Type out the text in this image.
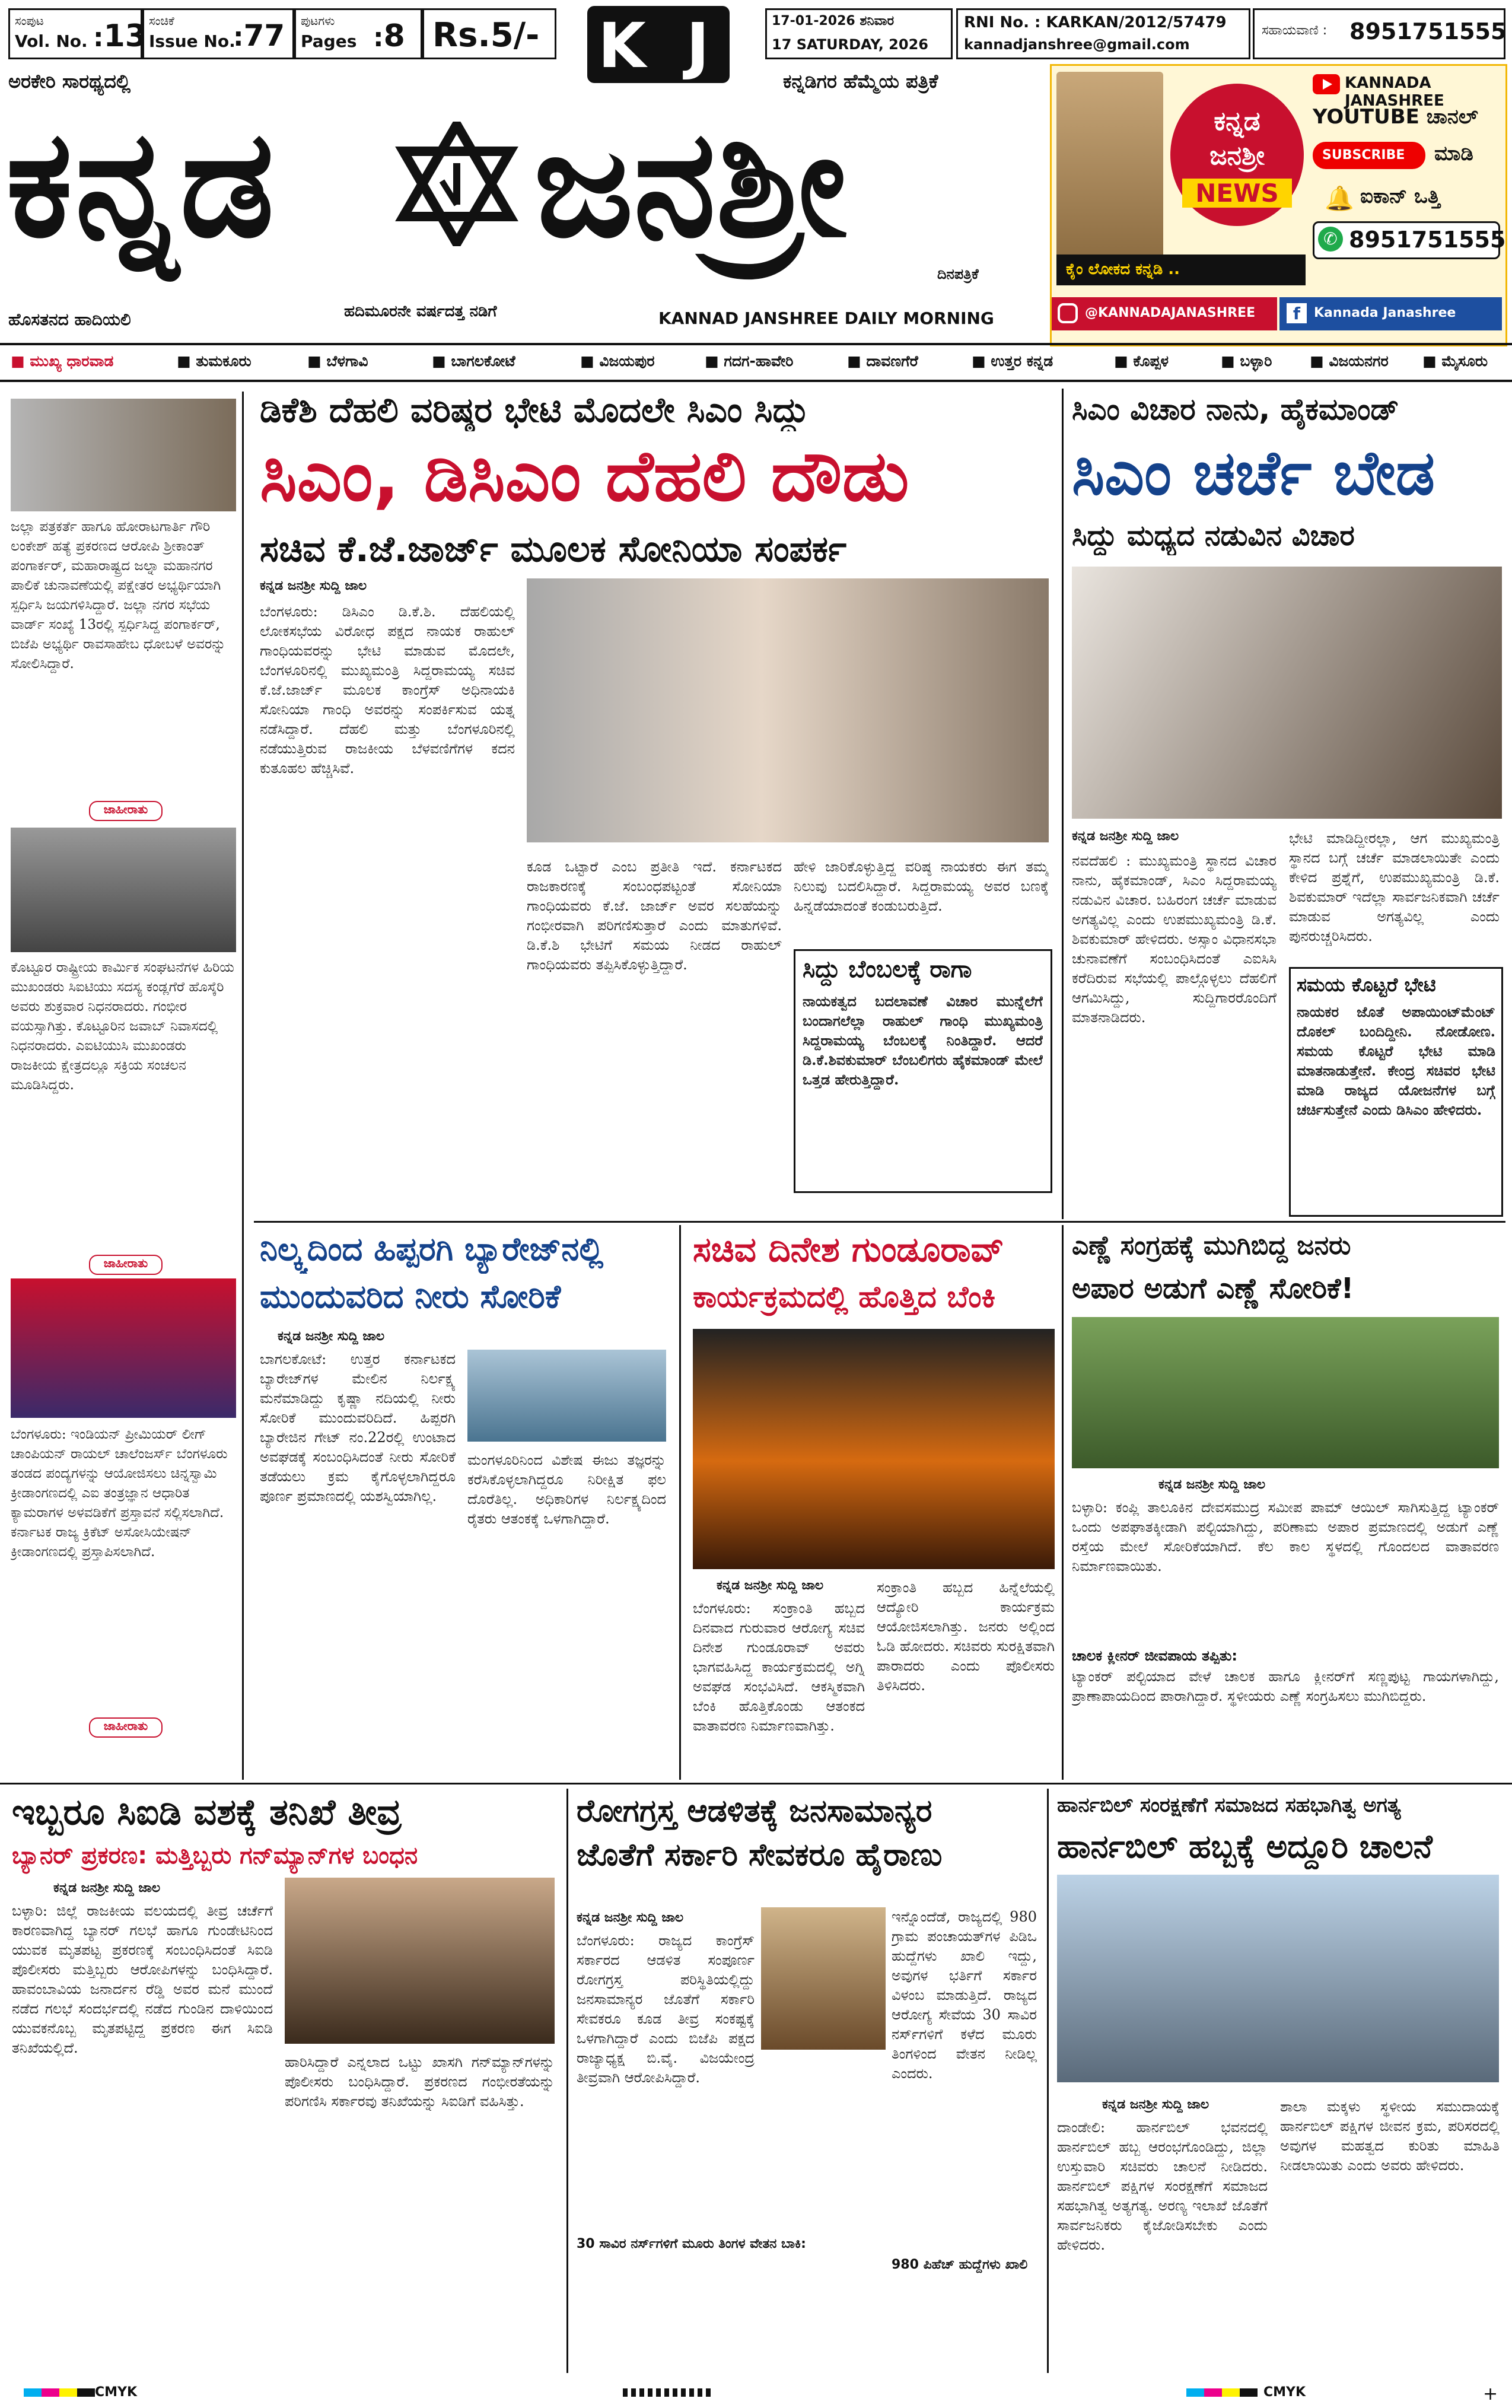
ಸಂಪುಟ
Vol. No. :13 ಸಂಚಿಕೆ
Issue No.
:77 ಪುಟಗಳು
Pages :8 Rs.5/- K J	17-01-2026 ಶನಿವಾರ
17 SATURDAY, 2026
RNI No. : KARKAN/2012/57479
kannadjanshree@gmail.com
ಸಹಾಯವಾಣಿ : 8951751555
ಅರಕೇರಿ ಸಾರಥ್ಯದಲ್ಲಿ	ಕನ್ನಡಿಗರ ಹೆಮ್ಮೆಯ ಪತ್ರಿಕೆ
ಕನ್ನಡ ಜನಶ್ರೀ
ದಿನಪತ್ರಿಕೆ
ಹೊಸತನದ ಹಾದಿಯಲಿ	ಹದಿಮೂರನೇ ವರ್ಷದತ್ತ ನಡಿಗೆ	KANNAD JANSHREE DAILY MORNING
ಕನ್ನಡ
ಜನಶ್ರೀ
NEWS
KANNADA JANASHREE
YOUTUBE ಚಾನಲ್
SUBSCRIBE ಮಾಡಿ
🔔 ಐಕಾನ್ ಒತ್ತಿ
✆ 8951751555
ಕೈಂ ಲೋಕದ ಕನ್ನಡಿ ..
@KANNADAJANASHREE	f	Kannada Janashree
■ ಮುಖ್ಯ ಧಾರವಾಡ	■ ತುಮಕೂರು	■ ಬೆಳಗಾವಿ	■ ಬಾಗಲಕೋಟೆ	■ ವಿಜಯಪುರ	■ ಗದಗ-ಹಾವೇರಿ	■ ದಾವಣಗೆರೆ	■ ಉತ್ತರ ಕನ್ನಡ	■ ಕೊಪ್ಪಳ	■ ಬಳ್ಳಾರಿ	■ ವಿಜಯನಗರ ■ ಮೈಸೂರು
ಜಲ್ಲಾ ಪತ್ರಕರ್ತೆ ಹಾಗೂ ಹೋರಾಟಗಾರ್ತಿ ಗೌರಿ ಲಂಕೇಶ್ ಹತ್ಯೆ ಪ್ರಕರಣದ ಆರೋಪಿ ಶ್ರೀಕಾಂತ್ ಪಂಗಾರ್ಕರ್, ಮಹಾರಾಷ್ಟ್ರದ ಜಲ್ನಾ ಮಹಾನಗರ ಪಾಲಿಕೆ ಚುನಾವಣೆಯಲ್ಲಿ ಪಕ್ಷೇತರ ಅಭ್ಯರ್ಥಿಯಾಗಿ ಸ್ಪರ್ಧಿಸಿ ಜಯಗಳಿಸಿದ್ದಾರೆ. ಜಲ್ಲಾ ನಗರ ಸಭೆಯ ವಾರ್ಡ್ ಸಂಖ್ಯೆ 13ರಲ್ಲಿ ಸ್ಪರ್ಧಿಸಿದ್ದ ಪಂಗಾರ್ಕರ್, ಬಿಜೆಪಿ ಅಭ್ಯರ್ಥಿ ರಾವಸಾಹೇಬ ಧೋಬಳೆ ಅವರನ್ನು ಸೋಲಿಸಿದ್ದಾರೆ.
ಜಾಹೀರಾತು
ಕೊಟ್ಟೂರ ರಾಷ್ಟ್ರೀಯ ಕಾರ್ಮಿಕ ಸಂಘಟನೆಗಳ ಹಿರಿಯ ಮುಖಂಡರು ಸಿಐಟಿಯು ಸದಸ್ಯ ಕಂಡ್ಲಗೆರೆ ಹೊಸ್ಕೆರಿ ಅವರು ಶುಕ್ರವಾರ ನಿಧನರಾದರು. ಗಂಭೀರ ವಯಸ್ಸಾಗಿತ್ತು. ಕೊಟ್ಟೂರಿನ ಜವಾಬ್ ನಿವಾಸದಲ್ಲಿ ನಿಧನರಾದರು. ಎಐಟಿಯುಸಿ ಮುಖಂಡರು ರಾಜಕೀಯ ಕ್ಷೇತ್ರದಲ್ಲೂ ಸಕ್ರಿಯ ಸಂಚಲನ ಮೂಡಿಸಿದ್ದರು.
ಜಾಹೀರಾತು
ಬೆಂಗಳೂರು: ಇಂಡಿಯನ್ ಪ್ರೀಮಿಯರ್ ಲೀಗ್ ಚಾಂಪಿಯನ್ ರಾಯಲ್ ಚಾಲೆಂಜರ್ಸ್ ಬೆಂಗಳೂರು ತಂಡದ ಪಂದ್ಯಗಳನ್ನು ಆಯೋಜಿಸಲು ಚಿನ್ನಸ್ವಾಮಿ ಕ್ರೀಡಾಂಗಣದಲ್ಲಿ ಎಐ ತಂತ್ರಜ್ಞಾನ ಆಧಾರಿತ ಕ್ಯಾಮರಾಗಳ ಅಳವಡಿಕೆಗೆ ಪ್ರಸ್ತಾವನೆ ಸಲ್ಲಿಸಲಾಗಿದೆ. ಕರ್ನಾಟಕ ರಾಜ್ಯ ಕ್ರಿಕೆಟ್ ಅಸೋಸಿಯೇಷನ್ ಕ್ರೀಡಾಂಗಣದಲ್ಲಿ ಪ್ರಸ್ತಾಪಿಸಲಾಗಿದೆ.
ಜಾಹೀರಾತು
ಡಿಕೆಶಿ ದೆಹಲಿ ವರಿಷ್ಠರ ಭೇಟಿ ಮೊದಲೇ ಸಿಎಂ ಸಿದ್ದು
ಸಿಎಂ, ಡಿಸಿಎಂ ದೆಹಲಿ ದೌಡು
ಸಚಿವ ಕೆ.ಜೆ.ಜಾರ್ಜ್ ಮೂಲಕ ಸೋನಿಯಾ ಸಂಪರ್ಕ
ಕನ್ನಡ ಜನಶ್ರೀ ಸುದ್ದಿ ಜಾಲ
ಬೆಂಗಳೂರು: ಡಿಸಿಎಂ ಡಿ.ಕೆ.ಶಿ. ದೆಹಲಿಯಲ್ಲಿ ಲೋಕಸಭೆಯ ವಿರೋಧ ಪಕ್ಷದ ನಾಯಕ ರಾಹುಲ್ ಗಾಂಧಿಯವರನ್ನು ಭೇಟಿ ಮಾಡುವ ಮೊದಲೇ, ಬೆಂಗಳೂರಿನಲ್ಲಿ ಮುಖ್ಯಮಂತ್ರಿ ಸಿದ್ದರಾಮಯ್ಯ ಸಚಿವ ಕೆ.ಜೆ.ಜಾರ್ಜ್ ಮೂಲಕ ಕಾಂಗ್ರೆಸ್ ಅಧಿನಾಯಕಿ ಸೋನಿಯಾ ಗಾಂಧಿ ಅವರನ್ನು ಸಂಪರ್ಕಿಸುವ ಯತ್ನ ನಡೆಸಿದ್ದಾರೆ. ದೆಹಲಿ ಮತ್ತು ಬೆಂಗಳೂರಿನಲ್ಲಿ ನಡೆಯುತ್ತಿರುವ ರಾಜಕೀಯ ಬೆಳವಣಿಗೆಗಳ ಕದನ ಕುತೂಹಲ ಹೆಚ್ಚಿಸಿವೆ.
ಕೂಡ ಒಟ್ಟಾರೆ ಎಂಬ ಪ್ರತೀತಿ ಇದೆ. ಕರ್ನಾಟಕದ ರಾಜಕಾರಣಕ್ಕೆ ಸಂಬಂಧಪಟ್ಟಂತೆ ಸೋನಿಯಾ ಗಾಂಧಿಯವರು ಕೆ.ಜೆ. ಜಾರ್ಜ್ ಅವರ ಸಲಹೆಯನ್ನು ಗಂಭೀರವಾಗಿ ಪರಿಗಣಿಸುತ್ತಾರೆ ಎಂದು ಮಾತುಗಳಿವೆ. ಡಿ.ಕೆ.ಶಿ ಭೇಟಿಗೆ ಸಮಯ ನೀಡದ ರಾಹುಲ್ ಗಾಂಧಿಯವರು ತಪ್ಪಿಸಿಕೊಳ್ಳುತ್ತಿದ್ದಾರೆ.
ಹೇಳಿ ಜಾರಿಕೊಳ್ಳುತ್ತಿದ್ದ ವರಿಷ್ಠ ನಾಯಕರು ಈಗ ತಮ್ಮ ನಿಲುವು ಬದಲಿಸಿದ್ದಾರೆ. ಸಿದ್ದರಾಮಯ್ಯ ಅವರ ಬಣಕ್ಕೆ ಹಿನ್ನಡೆಯಾದಂತೆ ಕಂಡುಬರುತ್ತಿದೆ.
ಸಿದ್ದು ಬೆಂಬಲಕ್ಕೆ ರಾಗಾ
ನಾಯಕತ್ವದ ಬದಲಾವಣೆ ವಿಚಾರ ಮುನ್ನೆಲೆಗೆ ಬಂದಾಗಲೆಲ್ಲಾ ರಾಹುಲ್ ಗಾಂಧಿ ಮುಖ್ಯಮಂತ್ರಿ ಸಿದ್ದರಾಮಯ್ಯ ಬೆಂಬಲಕ್ಕೆ ನಿಂತಿದ್ದಾರೆ. ಆದರೆ ಡಿ.ಕೆ.ಶಿವಕುಮಾರ್ ಬೆಂಬಲಿಗರು ಹೈಕಮಾಂಡ್ ಮೇಲೆ ಒತ್ತಡ ಹೇರುತ್ತಿದ್ದಾರೆ.
ಸಿಎಂ ವಿಚಾರ ನಾನು, ಹೈಕಮಾಂಡ್
ಸಿಎಂ ಚರ್ಚೆ ಬೇಡ
ಸಿದ್ದು ಮಧ್ಯದ ನಡುವಿನ ವಿಚಾರ
ಕನ್ನಡ ಜನಶ್ರೀ ಸುದ್ದಿ ಜಾಲ
ನವದೆಹಲಿ : ಮುಖ್ಯಮಂತ್ರಿ ಸ್ಥಾನದ ವಿಚಾರ ನಾನು, ಹೈಕಮಾಂಡ್, ಸಿಎಂ ಸಿದ್ದರಾಮಯ್ಯ ನಡುವಿನ ವಿಚಾರ. ಬಹಿರಂಗ ಚರ್ಚೆ ಮಾಡುವ ಅಗತ್ಯವಿಲ್ಲ ಎಂದು ಉಪಮುಖ್ಯಮಂತ್ರಿ ಡಿ.ಕೆ. ಶಿವಕುಮಾರ್ ಹೇಳಿದರು. ಅಸ್ಸಾಂ ವಿಧಾನಸಭಾ ಚುನಾವಣೆಗೆ ಸಂಬಂಧಿಸಿದಂತೆ ಎಐಸಿಸಿ ಕರೆದಿರುವ ಸಭೆಯಲ್ಲಿ ಪಾಲ್ಗೊಳ್ಳಲು ದೆಹಲಿಗೆ ಆಗಮಿಸಿದ್ದು, ಸುದ್ದಿಗಾರರೊಂದಿಗೆ ಮಾತನಾಡಿದರು.
ಭೇಟಿ ಮಾಡಿದ್ದೀರಲ್ಲಾ, ಆಗ ಮುಖ್ಯಮಂತ್ರಿ ಸ್ಥಾನದ ಬಗ್ಗೆ ಚರ್ಚೆ ಮಾಡಲಾಯಿತೇ ಎಂದು ಕೇಳಿದ ಪ್ರಶ್ನೆಗೆ, ಉಪಮುಖ್ಯಮಂತ್ರಿ ಡಿ.ಕೆ. ಶಿವಕುಮಾರ್ ಇದೆಲ್ಲಾ ಸಾರ್ವಜನಿಕವಾಗಿ ಚರ್ಚೆ ಮಾಡುವ ಅಗತ್ಯವಿಲ್ಲ ಎಂದು ಪುನರುಚ್ಚರಿಸಿದರು.
ಸಮಯ ಕೊಟ್ಟರೆ ಭೇಟಿ
ನಾಯಕರ ಜೊತೆ ಅಪಾಯಿಂಟ್‌ಮೆಂಟ್ ದೊಕಲ್ ಬಂದಿದ್ದೀನಿ. ನೋಡೋಣ. ಸಮಯ ಕೊಟ್ಟರೆ ಭೇಟಿ ಮಾಡಿ ಮಾತನಾಡುತ್ತೇನೆ. ಕೇಂದ್ರ ಸಚಿವರ ಭೇಟಿ ಮಾಡಿ ರಾಜ್ಯದ ಯೋಜನೆಗಳ ಬಗ್ಗೆ ಚರ್ಚಿಸುತ್ತೇನೆ ಎಂದು ಡಿಸಿಎಂ ಹೇಳಿದರು.
ನಿಲ್ಕ್ಯದಿಂದ ಹಿಪ್ಪರಗಿ ಬ್ಯಾರೇಜ್‌ನಲ್ಲಿ
ಮುಂದುವರಿದ ನೀರು ಸೋರಿಕೆ
ಕನ್ನಡ ಜನಶ್ರೀ ಸುದ್ದಿ ಜಾಲ
ಬಾಗಲಕೋಟೆ: ಉತ್ತರ ಕರ್ನಾಟಕದ ಬ್ಯಾರೇಜ್‌ಗಳ ಮೇಲಿನ ನಿರ್ಲಕ್ಷ್ಯ ಮನೆಮಾಡಿದ್ದು ಕೃಷ್ಣಾ ನದಿಯಲ್ಲಿ ನೀರು ಸೋರಿಕೆ ಮುಂದುವರಿದಿದೆ. ಹಿಪ್ಪರಗಿ ಬ್ಯಾರೇಜಿನ ಗೇಟ್ ನಂ.22ರಲ್ಲಿ ಉಂಟಾದ ಅವಘಡಕ್ಕೆ ಸಂಬಂಧಿಸಿದಂತೆ ನೀರು ಸೋರಿಕೆ ತಡೆಯಲು ಕ್ರಮ ಕೈಗೊಳ್ಳಲಾಗಿದ್ದರೂ ಪೂರ್ಣ ಪ್ರಮಾಣದಲ್ಲಿ ಯಶಸ್ವಿಯಾಗಿಲ್ಲ.
ಮಂಗಳೂರಿನಿಂದ ವಿಶೇಷ ಈಜು ತಜ್ಞರನ್ನು ಕರೆಸಿಕೊಳ್ಳಲಾಗಿದ್ದರೂ ನಿರೀಕ್ಷಿತ ಫಲ ದೊರೆತಿಲ್ಲ. ಅಧಿಕಾರಿಗಳ ನಿರ್ಲಕ್ಷ್ಯದಿಂದ ರೈತರು ಆತಂಕಕ್ಕೆ ಒಳಗಾಗಿದ್ದಾರೆ.
ಸಚಿವ ದಿನೇಶ ಗುಂಡೂರಾವ್
ಕಾರ್ಯಕ್ರಮದಲ್ಲಿ ಹೊತ್ತಿದ ಬೆಂಕಿ
ಕನ್ನಡ ಜನಶ್ರೀ ಸುದ್ದಿ ಜಾಲ
ಬೆಂಗಳೂರು: ಸಂಕ್ರಾಂತಿ ಹಬ್ಬದ ದಿನವಾದ ಗುರುವಾರ ಆರೋಗ್ಯ ಸಚಿವ ದಿನೇಶ ಗುಂಡೂರಾವ್ ಅವರು ಭಾಗವಹಿಸಿದ್ದ ಕಾರ್ಯಕ್ರಮದಲ್ಲಿ ಅಗ್ನಿ ಅವಘಡ ಸಂಭವಿಸಿದೆ. ಆಕಸ್ಮಿಕವಾಗಿ ಬೆಂಕಿ ಹೊತ್ತಿಕೊಂಡು ಆತಂಕದ ವಾತಾವರಣ ನಿರ್ಮಾಣವಾಗಿತ್ತು.
ಸಂಕ್ರಾಂತಿ ಹಬ್ಬದ ಹಿನ್ನೆಲೆಯಲ್ಲಿ ಆದ್ಯೋರಿ ಕಾರ್ಯಕ್ರಮ ಆಯೋಜಿಸಲಾಗಿತ್ತು. ಜನರು ಅಲ್ಲಿಂದ ಓಡಿ ಹೋದರು. ಸಚಿವರು ಸುರಕ್ಷಿತವಾಗಿ ಪಾರಾದರು ಎಂದು ಪೊಲೀಸರು ತಿಳಿಸಿದರು.
ಎಣ್ಣೆ ಸಂಗ್ರಹಕ್ಕೆ ಮುಗಿಬಿದ್ದ ಜನರು
ಅಪಾರ ಅಡುಗೆ ಎಣ್ಣೆ ಸೋರಿಕೆ!
ಕನ್ನಡ ಜನಶ್ರೀ ಸುದ್ದಿ ಜಾಲ
ಬಳ್ಳಾರಿ: ಕಂಪ್ಲಿ ತಾಲೂಕಿನ ದೇವಸಮುದ್ರ ಸಮೀಪ ಪಾಮ್ ಆಯಿಲ್ ಸಾಗಿಸುತ್ತಿದ್ದ ಟ್ಯಾಂಕರ್ ಒಂದು ಅಪಘಾತಕ್ಕೀಡಾಗಿ ಪಲ್ಟಿಯಾಗಿದ್ದು, ಪರಿಣಾಮ ಅಪಾರ ಪ್ರಮಾಣದಲ್ಲಿ ಅಡುಗೆ ಎಣ್ಣೆ ರಸ್ತೆಯ ಮೇಲೆ ಸೋರಿಕೆಯಾಗಿದೆ. ಕೆಲ ಕಾಲ ಸ್ಥಳದಲ್ಲಿ ಗೊಂದಲದ ವಾತಾವರಣ ನಿರ್ಮಾಣವಾಯಿತು.
ಚಾಲಕ ಕ್ಲೀನರ್ ಜೀವಪಾಯ ತಪ್ಪಿತು:
ಟ್ಯಾಂಕರ್ ಪಲ್ಟಿಯಾದ ವೇಳೆ ಚಾಲಕ ಹಾಗೂ ಕ್ಲೀನರ್‌ಗೆ ಸಣ್ಣಪುಟ್ಟ ಗಾಯಗಳಾಗಿದ್ದು, ಪ್ರಾಣಾಪಾಯದಿಂದ ಪಾರಾಗಿದ್ದಾರೆ. ಸ್ಥಳೀಯರು ಎಣ್ಣೆ ಸಂಗ್ರಹಿಸಲು ಮುಗಿಬಿದ್ದರು.
ಇಬ್ಬರೂ ಸಿಐಡಿ ವಶಕ್ಕೆ ತನಿಖೆ ತೀವ್ರ
ಬ್ಯಾನರ್ ಪ್ರಕರಣ: ಮತ್ತಿಬ್ಬರು ಗನ್‌ಮ್ಯಾನ್‌ಗಳ ಬಂಧನ
ಕನ್ನಡ ಜನಶ್ರೀ ಸುದ್ದಿ ಜಾಲ
ಬಳ್ಳಾರಿ: ಜಿಲ್ಲೆ ರಾಜಕೀಯ ವಲಯದಲ್ಲಿ ತೀವ್ರ ಚರ್ಚೆಗೆ ಕಾರಣವಾಗಿದ್ದ ಬ್ಯಾನರ್ ಗಲಭೆ ಹಾಗೂ ಗುಂಡೇಟಿನಿಂದ ಯುವಕ ಮೃತಪಟ್ಟ ಪ್ರಕರಣಕ್ಕೆ ಸಂಬಂಧಿಸಿದಂತೆ ಸಿಐಡಿ ಪೊಲೀಸರು ಮತ್ತಿಬ್ಬರು ಆರೋಪಿಗಳನ್ನು ಬಂಧಿಸಿದ್ದಾರೆ. ಹಾವಂಬಾವಿಯ ಜನಾರ್ದನ ರೆಡ್ಡಿ ಅವರ ಮನೆ ಮುಂದೆ ನಡೆದ ಗಲಭೆ ಸಂದರ್ಭದಲ್ಲಿ ನಡೆದ ಗುಂಡಿನ ದಾಳಿಯಿಂದ ಯುವಕನೊಬ್ಬ ಮೃತಪಟ್ಟಿದ್ದ ಪ್ರಕರಣ ಈಗ ಸಿಐಡಿ ತನಿಖೆಯಲ್ಲಿದೆ.
ಹಾರಿಸಿದ್ದಾರೆ ಎನ್ನಲಾದ ಒಟ್ಟು ಖಾಸಗಿ ಗನ್‌ಮ್ಯಾನ್‌ಗಳನ್ನು ಪೊಲೀಸರು ಬಂಧಿಸಿದ್ದಾರೆ. ಪ್ರಕರಣದ ಗಂಭೀರತೆಯನ್ನು ಪರಿಗಣಿಸಿ ಸರ್ಕಾರವು ತನಿಖೆಯನ್ನು ಸಿಐಡಿಗೆ ವಹಿಸಿತ್ತು.
ರೋಗಗ್ರಸ್ತ ಆಡಳಿತಕ್ಕೆ ಜನಸಾಮಾನ್ಯರ
ಜೊತೆಗೆ ಸರ್ಕಾರಿ ಸೇವಕರೂ ಹೈರಾಣು
ಕನ್ನಡ ಜನಶ್ರೀ ಸುದ್ದಿ ಜಾಲ
ಬೆಂಗಳೂರು: ರಾಜ್ಯದ ಕಾಂಗ್ರೆಸ್ ಸರ್ಕಾರದ ಆಡಳಿತ ಸಂಪೂರ್ಣ ರೋಗಗ್ರಸ್ತ ಪರಿಸ್ಥಿತಿಯಲ್ಲಿದ್ದು ಜನಸಾಮಾನ್ಯರ ಜೊತೆಗೆ ಸರ್ಕಾರಿ ಸೇವಕರೂ ಕೂಡ ತೀವ್ರ ಸಂಕಷ್ಟಕ್ಕೆ ಒಳಗಾಗಿದ್ದಾರೆ ಎಂದು ಬಿಜೆಪಿ ಪಕ್ಷದ ರಾಜ್ಯಾಧ್ಯಕ್ಷ ಬಿ.ವೈ. ವಿಜಯೇಂದ್ರ ತೀವ್ರವಾಗಿ ಆರೋಪಿಸಿದ್ದಾರೆ.
ಇನ್ನೊಂದೆಡೆ, ರಾಜ್ಯದಲ್ಲಿ 980 ಗ್ರಾಮ ಪಂಚಾಯತ್‌ಗಳ ಪಿಡಿಒ ಹುದ್ದೆಗಳು ಖಾಲಿ ಇದ್ದು, ಅವುಗಳ ಭರ್ತಿಗೆ ಸರ್ಕಾರ ವಿಳಂಬ ಮಾಡುತ್ತಿದೆ. ರಾಜ್ಯದ ಆರೋಗ್ಯ ಸೇವೆಯ 30 ಸಾವಿರ ನರ್ಸ್‌ಗಳಿಗೆ ಕಳೆದ ಮೂರು ತಿಂಗಳಿಂದ ವೇತನ ನೀಡಿಲ್ಲ ಎಂದರು.
980 ಪಿಹೆಚ್ ಹುದ್ದೆಗಳು ಖಾಲಿ
30 ಸಾವಿರ ನರ್ಸ್‌ಗಳಿಗೆ ಮೂರು ತಿಂಗಳ ವೇತನ ಬಾಕಿ:
ಹಾರ್ನಬಿಲ್ ಸಂರಕ್ಷಣೆಗೆ ಸಮಾಜದ ಸಹಭಾಗಿತ್ವ ಅಗತ್ಯ
ಹಾರ್ನಬಿಲ್ ಹಬ್ಬಕ್ಕೆ ಅದ್ದೂರಿ ಚಾಲನೆ
ಕನ್ನಡ ಜನಶ್ರೀ ಸುದ್ದಿ ಜಾಲ
ದಾಂಡೇಲಿ: ಹಾರ್ನಬಿಲ್ ಭವನದಲ್ಲಿ ಹಾರ್ನಬಿಲ್ ಹಬ್ಬ ಆರಂಭಗೊಂಡಿದ್ದು, ಜಿಲ್ಲಾ ಉಸ್ತುವಾರಿ ಸಚಿವರು ಚಾಲನೆ ನೀಡಿದರು. ಹಾರ್ನಬಿಲ್ ಪಕ್ಷಿಗಳ ಸಂರಕ್ಷಣೆಗೆ ಸಮಾಜದ ಸಹಭಾಗಿತ್ವ ಅತ್ಯಗತ್ಯ. ಅರಣ್ಯ ಇಲಾಖೆ ಜೊತೆಗೆ ಸಾರ್ವಜನಿಕರು ಕೈಜೋಡಿಸಬೇಕು ಎಂದು ಹೇಳಿದರು.
ಶಾಲಾ ಮಕ್ಕಳು ಸ್ಥಳೀಯ ಸಮುದಾಯಕ್ಕೆ ಹಾರ್ನಬಿಲ್ ಪಕ್ಷಿಗಳ ಜೀವನ ಕ್ರಮ, ಪರಿಸರದಲ್ಲಿ ಅವುಗಳ ಮಹತ್ವದ ಕುರಿತು ಮಾಹಿತಿ ನೀಡಲಾಯಿತು ಎಂದು ಅವರು ಹೇಳಿದರು.
CMYK	CMYK	+
